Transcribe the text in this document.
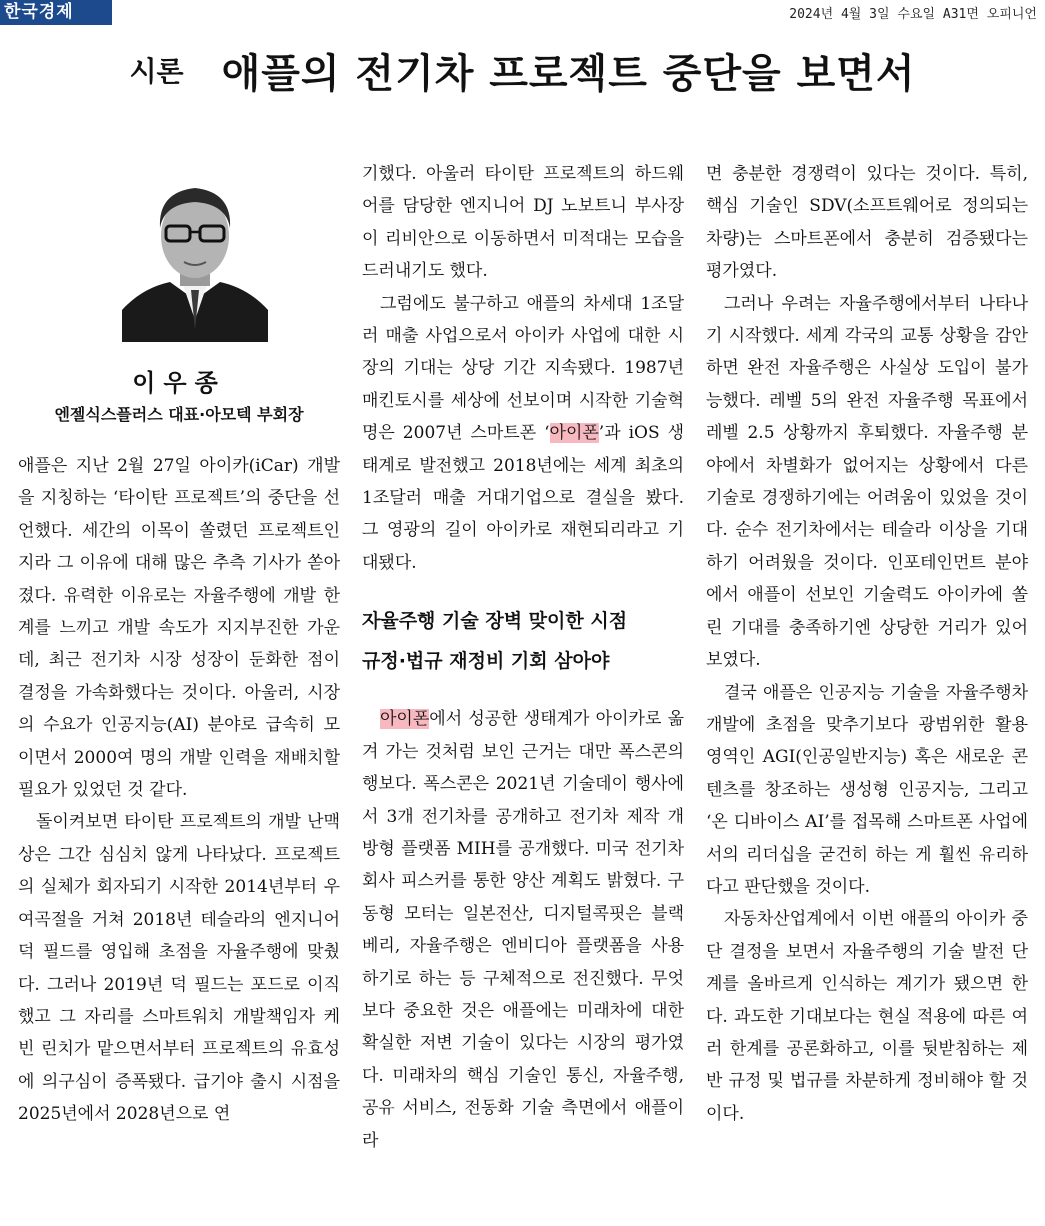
한국경제	2024년 4월 3일 수요일 A31면 오피니언
시론 애플의 전기차 프로젝트 중단을 보면서
이우종
엔젤식스플러스 대표·아모텍 부회장

애플은 지난 2월 27일 아이카(iCar) 개발을 지칭하는 ‘타이탄 프로젝트’의 중단을 선언했다. 세간의 이목이 쏠렸던 프로젝트인지라 그 이유에 대해 많은 추측 기사가 쏟아졌다. 유력한 이유로는 자율주행에 개발 한계를 느끼고 개발 속도가 지지부진한 가운데, 최근 전기차 시장 성장이 둔화한 점이 결정을 가속화했다는 것이다. 아울러, 시장의 수요가 인공지능(AI) 분야로 급속히 모이면서 2000여 명의 개발 인력을 재배치할 필요가 있었던 것 같다.

돌이켜보면 타이탄 프로젝트의 개발 난맥상은 그간 심심치 않게 나타났다. 프로젝트의 실체가 회자되기 시작한 2014년부터 우여곡절을 거쳐 2018년 테슬라의 엔지니어 덕 필드를 영입해 초점을 자율주행에 맞췄다. 그러나 2019년 덕 필드는 포드로 이직했고 그 자리를 스마트워치 개발책임자 케빈 린치가 맡으면서부터 프로젝트의 유효성에 의구심이 증폭됐다. 급기야 출시 시점을 2025년에서 2028년으로 연

기했다. 아울러 타이탄 프로젝트의 하드웨어를 담당한 엔지니어 DJ 노보트니 부사장이 리비안으로 이동하면서 미적대는 모습을 드러내기도 했다.

그럼에도 불구하고 애플의 차세대 1조달러 매출 사업으로서 아이카 사업에 대한 시장의 기대는 상당 기간 지속됐다. 1987년 매킨토시를 세상에 선보이며 시작한 기술혁명은 2007년 스마트폰 ‘아이폰’과 iOS 생태계로 발전했고 2018년에는 세계 최초의 1조달러 매출 거대기업으로 결실을 봤다. 그 영광의 길이 아이카로 재현되리라고 기대됐다.

자율주행 기술 장벽 맞이한 시점
규정·법규 재정비 기회 삼아야

아이폰에서 성공한 생태계가 아이카로 옮겨 가는 것처럼 보인 근거는 대만 폭스콘의 행보다. 폭스콘은 2021년 기술데이 행사에서 3개 전기차를 공개하고 전기차 제작 개방형 플랫폼 MIH를 공개했다. 미국 전기차 회사 피스커를 통한 양산 계획도 밝혔다. 구동형 모터는 일본전산, 디지털콕핏은 블랙베리, 자율주행은 엔비디아 플랫폼을 사용하기로 하는 등 구체적으로 전진했다. 무엇보다 중요한 것은 애플에는 미래차에 대한 확실한 저변 기술이 있다는 시장의 평가였다. 미래차의 핵심 기술인 통신, 자율주행, 공유 서비스, 전동화 기술 측면에서 애플이라

면 충분한 경쟁력이 있다는 것이다. 특히, 핵심 기술인 SDV(소프트웨어로 정의되는 차량)는 스마트폰에서 충분히 검증됐다는 평가였다.

그러나 우려는 자율주행에서부터 나타나기 시작했다. 세계 각국의 교통 상황을 감안하면 완전 자율주행은 사실상 도입이 불가능했다. 레벨 5의 완전 자율주행 목표에서 레벨 2.5 상황까지 후퇴했다. 자율주행 분야에서 차별화가 없어지는 상황에서 다른 기술로 경쟁하기에는 어려움이 있었을 것이다. 순수 전기차에서는 테슬라 이상을 기대하기 어려웠을 것이다. 인포테인먼트 분야에서 애플이 선보인 기술력도 아이카에 쏠린 기대를 충족하기엔 상당한 거리가 있어 보였다.

결국 애플은 인공지능 기술을 자율주행차 개발에 초점을 맞추기보다 광범위한 활용 영역인 AGI(인공일반지능) 혹은 새로운 콘텐츠를 창조하는 생성형 인공지능, 그리고 ‘온 디바이스 AI’를 접목해 스마트폰 사업에서의 리더십을 굳건히 하는 게 훨씬 유리하다고 판단했을 것이다.

자동차산업계에서 이번 애플의 아이카 중단 결정을 보면서 자율주행의 기술 발전 단계를 올바르게 인식하는 계기가 됐으면 한다. 과도한 기대보다는 현실 적용에 따른 여러 한계를 공론화하고, 이를 뒷받침하는 제반 규정 및 법규를 차분하게 정비해야 할 것이다.
